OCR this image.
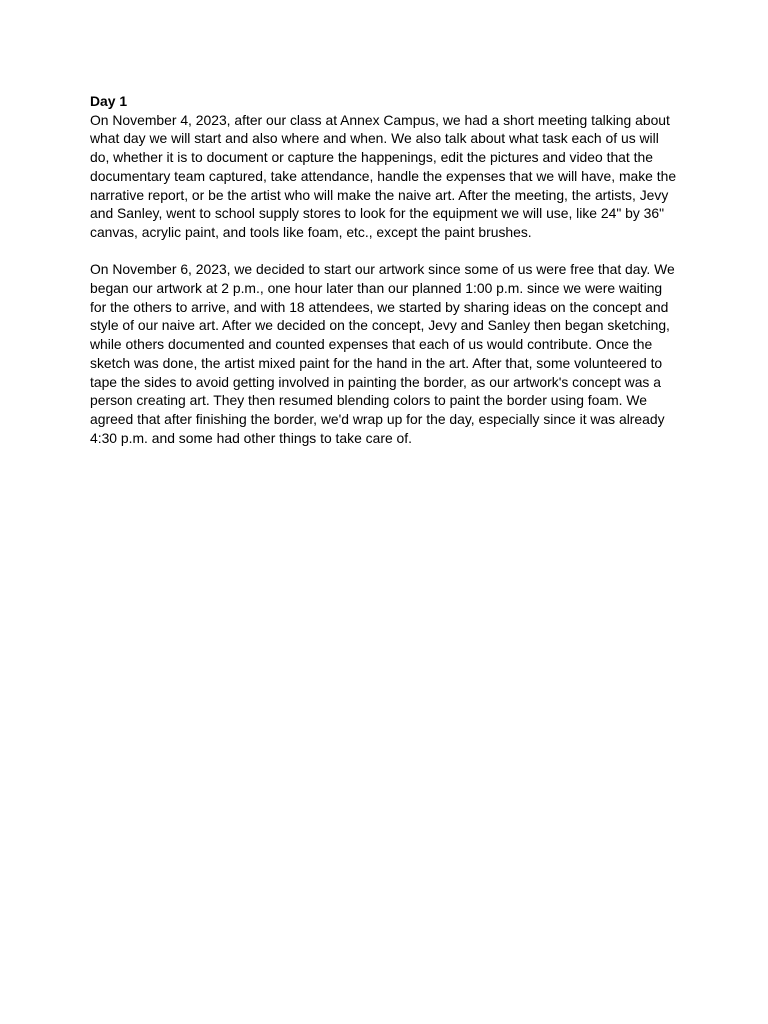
Day 1

On November 4, 2023, after our class at Annex Campus, we had a short meeting talking about what day we will start and also where and when. We also talk about what task each of us will do, whether it is to document or capture the happenings, edit the pictures and video that the documentary team captured, take attendance, handle the expenses that we will have, make the narrative report, or be the artist who will make the naive art. After the meeting, the artists, Jevy and Sanley, went to school supply stores to look for the equipment we will use, like 24" by 36" canvas, acrylic paint, and tools like foam, etc., except the paint brushes.

On November 6, 2023, we decided to start our artwork since some of us were free that day. We began our artwork at 2 p.m., one hour later than our planned 1:00 p.m. since we were waiting for the others to arrive, and with 18 attendees, we started by sharing ideas on the concept and style of our naive art. After we decided on the concept, Jevy and Sanley then began sketching, while others documented and counted expenses that each of us would contribute. Once the sketch was done, the artist mixed paint for the hand in the art. After that, some volunteered to tape the sides to avoid getting involved in painting the border, as our artwork's concept was a person creating art. They then resumed blending colors to paint the border using foam. We agreed that after finishing the border, we'd wrap up for the day, especially since it was already 4:30 p.m. and some had other things to take care of.
